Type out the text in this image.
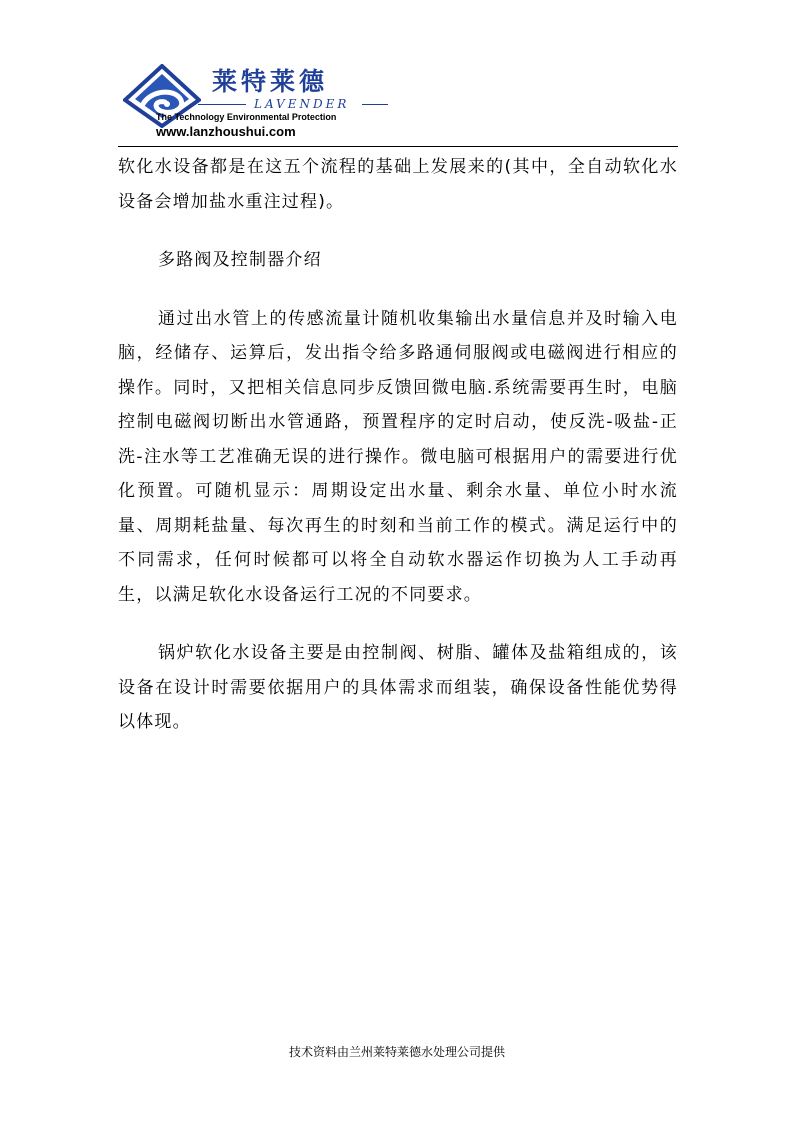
莱特莱德
LAVENDER
The Technology Environmental Protection
www.lanzhoushui.com

软化水设备都是在这五个流程的基础上发展来的(其中，全自动软化水设备会增加盐水重注过程)。

多路阀及控制器介绍

通过出水管上的传感流量计随机收集输出水量信息并及时输入电脑，经储存、运算后，发出指令给多路通伺服阀或电磁阀进行相应的操作。同时，又把相关信息同步反馈回微电脑.系统需要再生时，电脑控制电磁阀切断出水管通路，预置程序的定时启动，使反洗-吸盐-正洗-注水等工艺准确无误的进行操作。微电脑可根据用户的需要进行优化预置。可随机显示：周期设定出水量、剩余水量、单位小时水流量、周期耗盐量、每次再生的时刻和当前工作的模式。满足运行中的不同需求，任何时候都可以将全自动软水器运作切换为人工手动再生，以满足软化水设备运行工况的不同要求。

锅炉软化水设备主要是由控制阀、树脂、罐体及盐箱组成的，该设备在设计时需要依据用户的具体需求而组装，确保设备性能优势得以体现。

技术资料由兰州莱特莱德水处理公司提供
